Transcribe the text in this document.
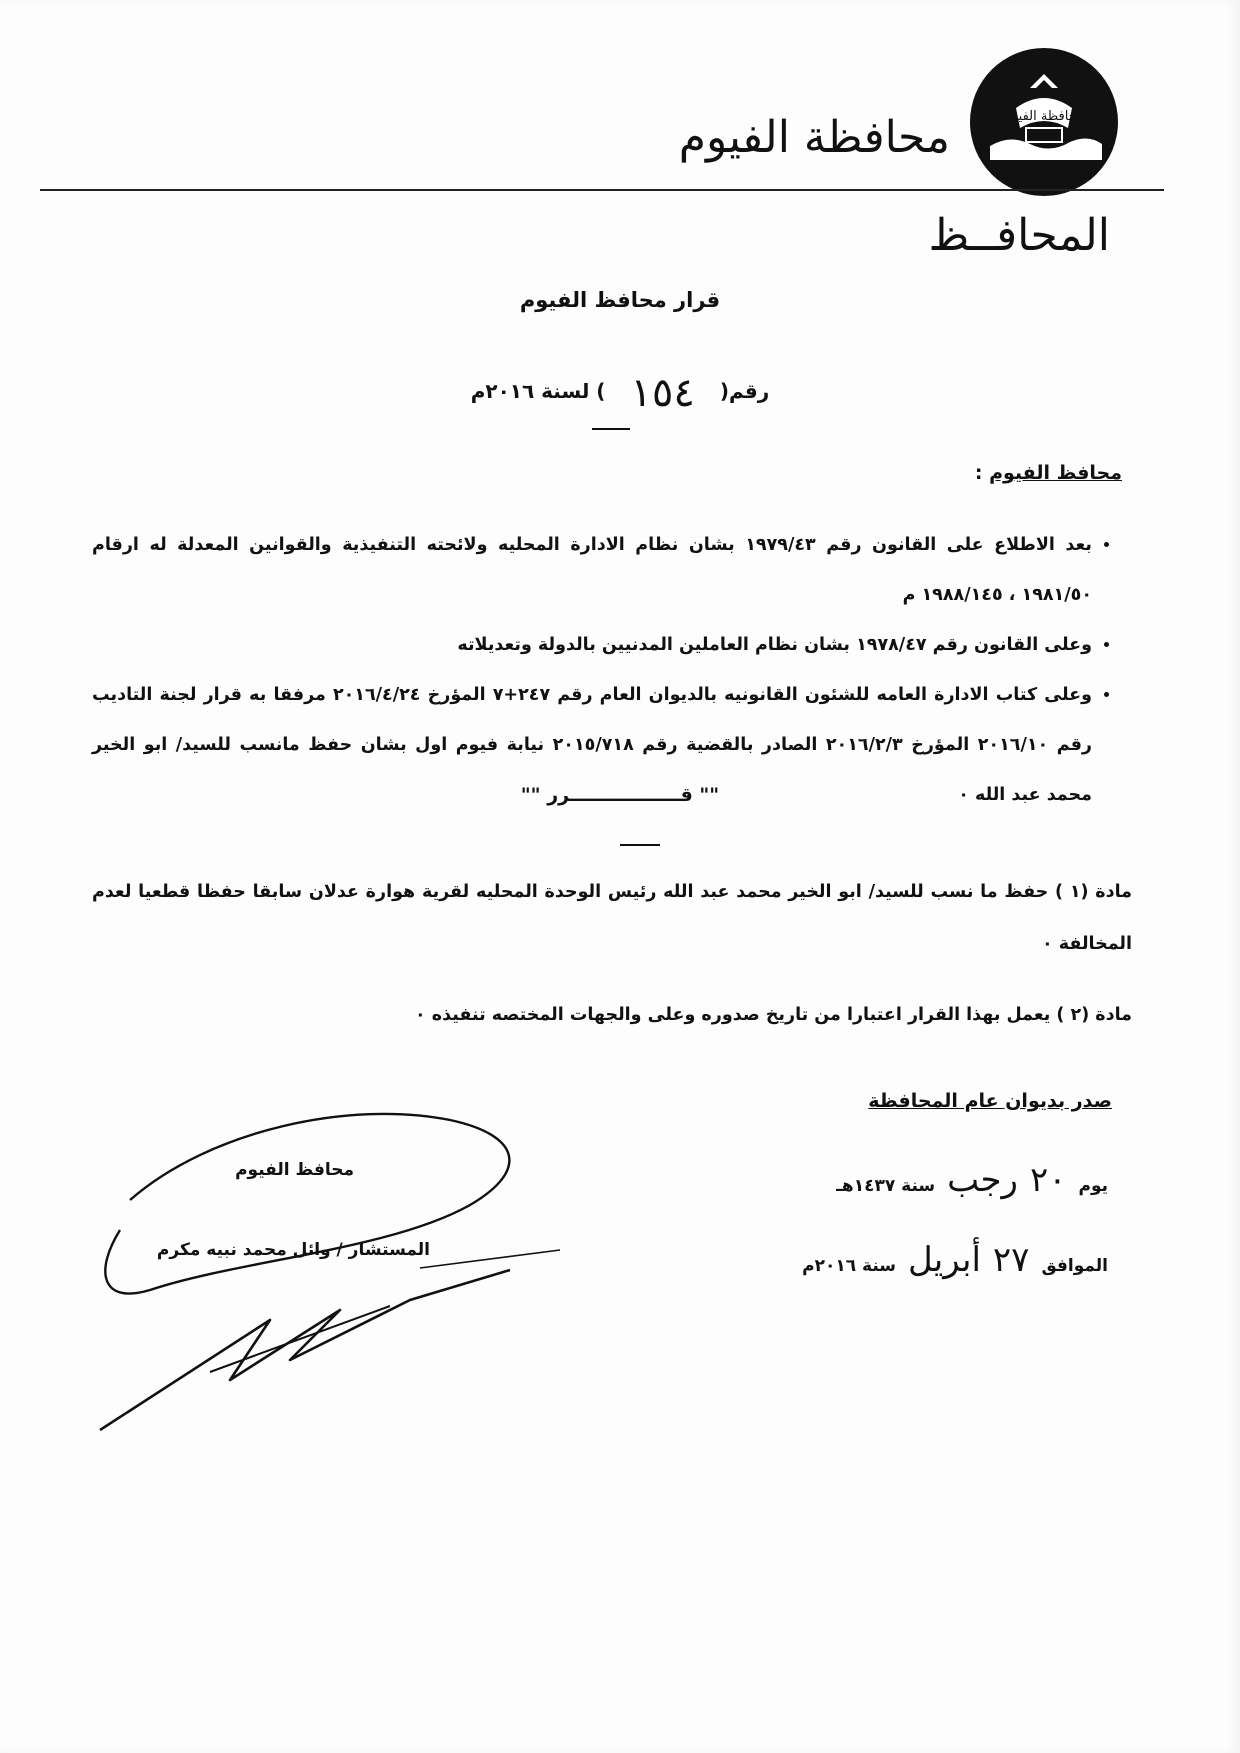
محافظة الفيوم
محافظة الفيوم
المحافــظ
قرار محافظ الفيوم
رقم( ١٥٤ ) لسنة ٢٠١٦م
محافظ الفيوم :
• بعد الاطلاع على القانون رقم ١٩٧٩/٤٣ بشان نظام الادارة المحليه ولائحته التنفيذية والقوانين المعدلة له ارقام ١٩٨١/٥٠ ، ١٩٨٨/١٤٥ م
• وعلى القانون رقم ١٩٧٨/٤٧ بشان نظام العاملين المدنيين بالدولة وتعديلاته
• وعلى كتاب الادارة العامه للشئون القانونيه بالديوان العام رقم ٢٤٧+٧ المؤرخ ٢٠١٦/٤/٢٤ مرفقا به قرار لجنة التاديب رقم ٢٠١٦/١٠ المؤرخ ٢٠١٦/٢/٣ الصادر بالقضية رقم ٢٠١٥/٧١٨ نيابة فيوم اول بشان حفظ مانسب للسيد/ ابو الخير محمد عبد الله ٠
"" قـــــــــــــــــرر ""
مادة (١ ) حفظ ما نسب للسيد/ ابو الخير محمد عبد الله رئيس الوحدة المحليه لقرية هوارة عدلان سابقا حفظا قطعيا لعدم المخالفة ٠
مادة (٢ ) يعمل بهذا القرار اعتبارا من تاريخ صدوره وعلى والجهات المختصه تنفيذه ٠
صدر بديوان عام المحافظة
يوم
٢٠
رجب
سنة ١٤٣٧هـ
الموافق
٢٧
أبريل
سنة ٢٠١٦م
محافظ الفيوم
المستشار / وائل محمد نبيه مكرم
